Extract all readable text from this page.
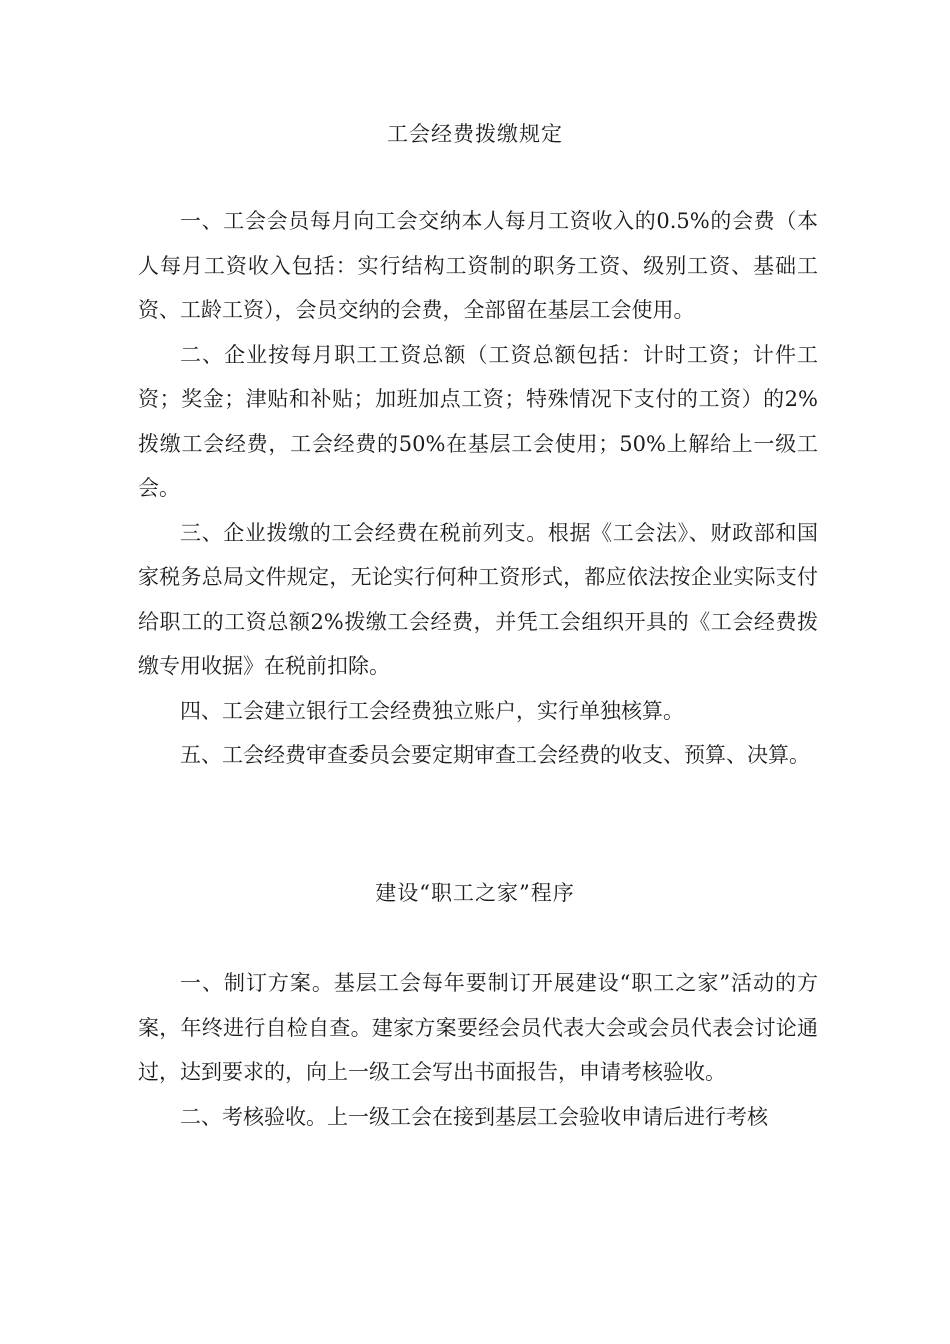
工会经费拨缴规定

一、工会会员每月向工会交纳本人每月工资收入的0.5%的会费（本人每月工资收入包括：实行结构工资制的职务工资、级别工资、基础工资、工龄工资），会员交纳的会费，全部留在基层工会使用。

二、企业按每月职工工资总额（工资总额包括：计时工资；计件工资；奖金；津贴和补贴；加班加点工资；特殊情况下支付的工资）的2%拨缴工会经费，工会经费的50%在基层工会使用；50%上解给上一级工会。

三、企业拨缴的工会经费在税前列支。根据《工会法》、财政部和国家税务总局文件规定，无论实行何种工资形式，都应依法按企业实际支付给职工的工资总额2%拨缴工会经费，并凭工会组织开具的《工会经费拨缴专用收据》在税前扣除。

四、工会建立银行工会经费独立账户，实行单独核算。

五、工会经费审查委员会要定期审查工会经费的收支、预算、决算。

建设“职工之家”程序

一、制订方案。基层工会每年要制订开展建设“职工之家”活动的方案，年终进行自检自查。建家方案要经会员代表大会或会员代表会讨论通过，达到要求的，向上一级工会写出书面报告，申请考核验收。

二、考核验收。上一级工会在接到基层工会验收申请后进行考核
